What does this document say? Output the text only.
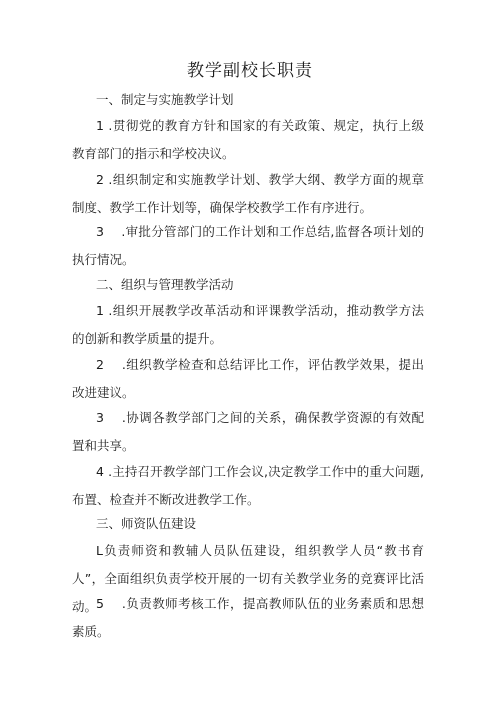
教学副校长职责
一、制定与实施教学计划

1 .贯彻党的教育方针和国家的有关政策、规定，执行上级教育部门的指示和学校决议。

2 .组织制定和实施教学计划、教学大纲、教学方面的规章制度、教学工作计划等，确保学校教学工作有序进行。

3　 .审批分管部门的工作计划和工作总结,监督各项计划的执行情况。

二、组织与管理教学活动

1 .组织开展教学改革活动和评课教学活动，推动教学方法的创新和教学质量的提升。

2　 .组织教学检查和总结评比工作，评估教学效果，提出改进建议。

3　 .协调各教学部门之间的关系，确保教学资源的有效配置和共享。

4 .主持召开教学部门工作会议,决定教学工作中的重大问题,布置、检查并不断改进教学工作。

三、师资队伍建设

L负责师资和教辅人员队伍建设，组织教学人员“教书育人”，全面组织负责学校开展的一切有关教学业务的竞赛评比活动。

5　 .负责教师考核工作，提高教师队伍的业务素质和思想素质。
